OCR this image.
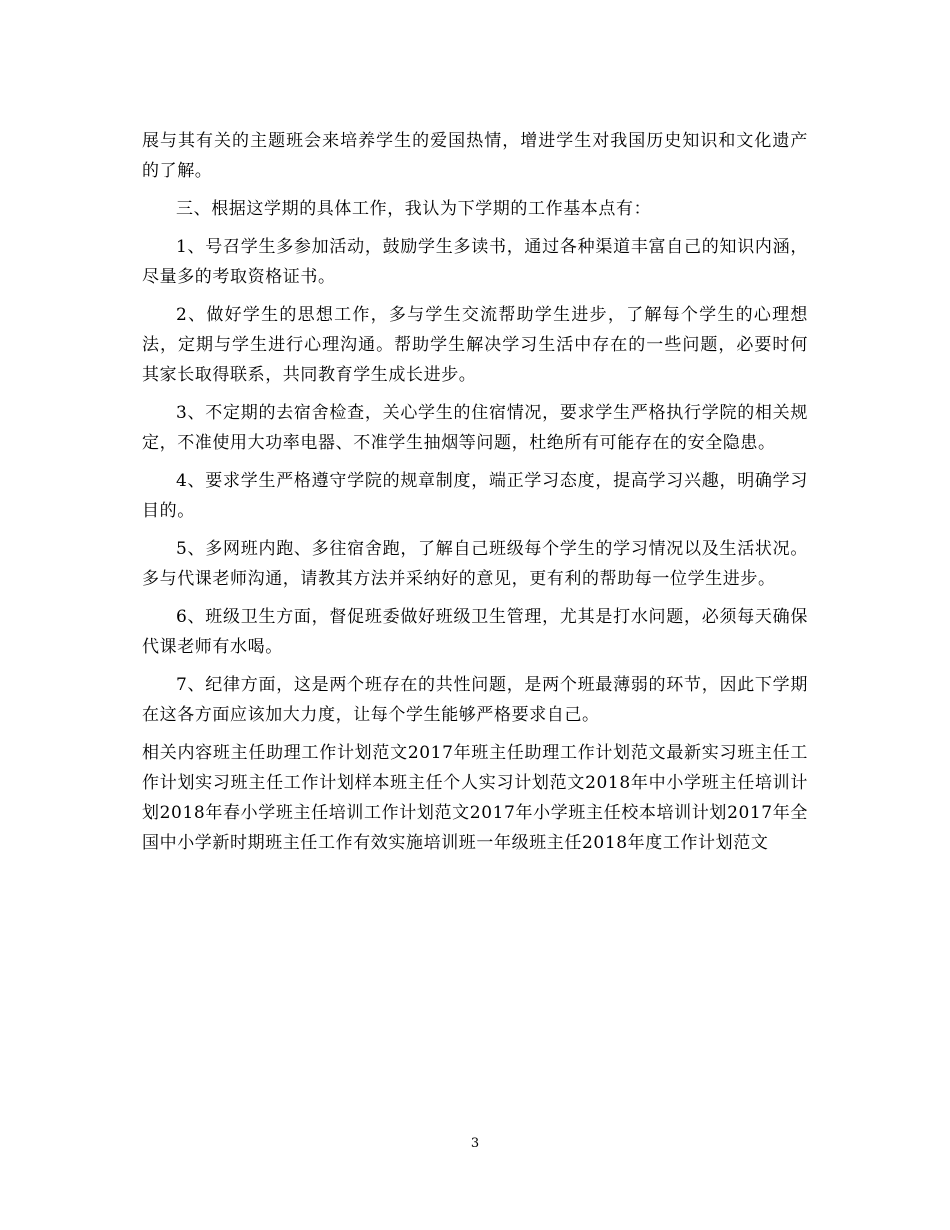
展与其有关的主题班会来培养学生的爱国热情，增进学生对我国历史知识和文化遗产的了解。

三、根据这学期的具体工作，我认为下学期的工作基本点有：

1、号召学生多参加活动，鼓励学生多读书，通过各种渠道丰富自己的知识内涵，尽量多的考取资格证书。

2、做好学生的思想工作，多与学生交流帮助学生进步，了解每个学生的心理想法，定期与学生进行心理沟通。帮助学生解决学习生活中存在的一些问题，必要时何其家长取得联系，共同教育学生成长进步。

3、不定期的去宿舍检查，关心学生的住宿情况，要求学生严格执行学院的相关规定，不准使用大功率电器、不准学生抽烟等问题，杜绝所有可能存在的安全隐患。

4、要求学生严格遵守学院的规章制度，端正学习态度，提高学习兴趣，明确学习目的。

5、多网班内跑、多往宿舍跑，了解自己班级每个学生的学习情况以及生活状况。多与代课老师沟通，请教其方法并采纳好的意见，更有利的帮助每一位学生进步。

6、班级卫生方面，督促班委做好班级卫生管理，尤其是打水问题，必须每天确保代课老师有水喝。

7、纪律方面，这是两个班存在的共性问题，是两个班最薄弱的环节，因此下学期在这各方面应该加大力度，让每个学生能够严格要求自己。

相关内容班主任助理工作计划范文2017年班主任助理工作计划范文最新实习班主任工作计划实习班主任工作计划样本班主任个人实习计划范文2018年中小学班主任培训计划2018年春小学班主任培训工作计划范文2017年小学班主任校本培训计划2017年全国中小学新时期班主任工作有效实施培训班一年级班主任2018年度工作计划范文

3
